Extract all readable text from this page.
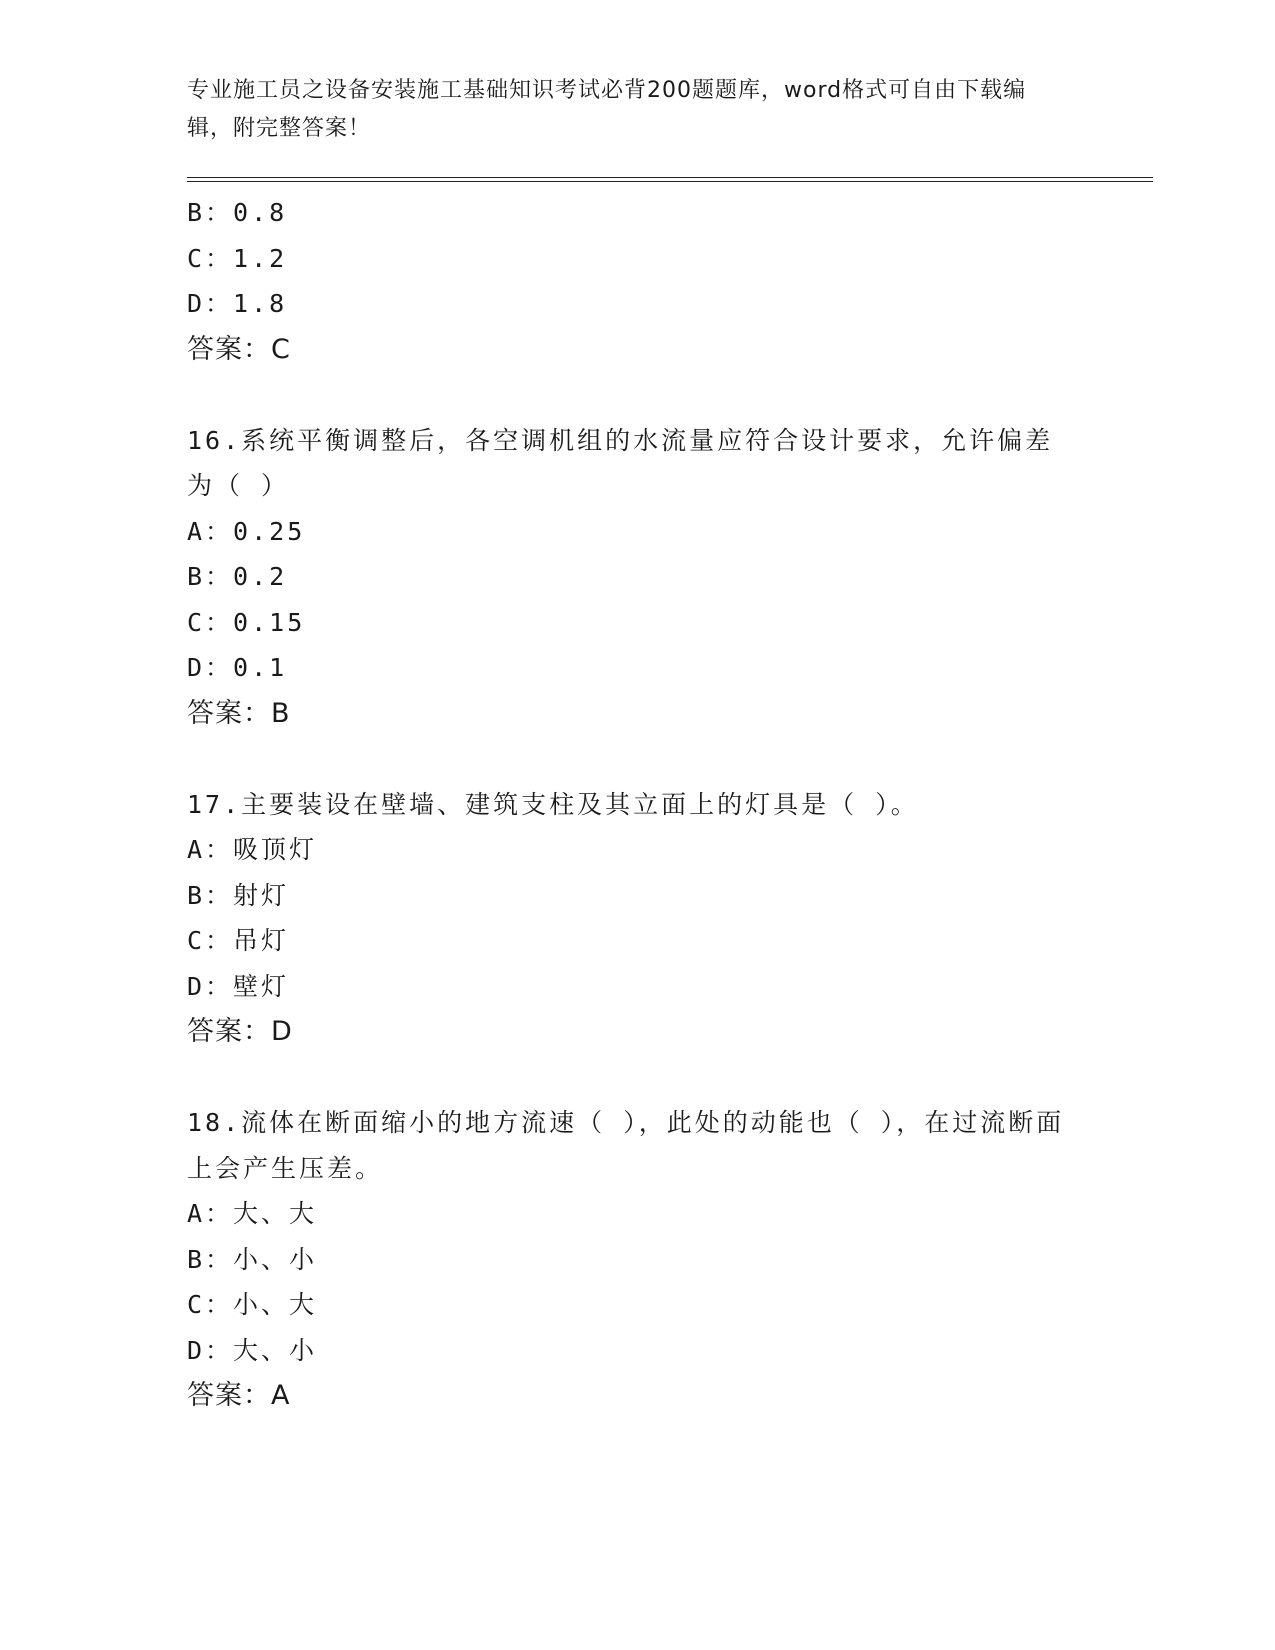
专业施工员之设备安装施工基础知识考试必背200题题库，word格式可自由下载编辑，附完整答案！
B：0.8
C：1.2
D：1.8
答案：C
16.系统平衡调整后，各空调机组的水流量应符合设计要求，允许偏差为（ ）
A：0.25
B：0.2
C：0.15
D：0.1
答案：B
17.主要装设在壁墙、建筑支柱及其立面上的灯具是（ ）。
A：吸顶灯
B：射灯
C：吊灯
D：壁灯
答案：D
18.流体在断面缩小的地方流速（ ），此处的动能也（ ），在过流断面上会产生压差。
A：大、大
B：小、小
C：小、大
D：大、小
答案：A
